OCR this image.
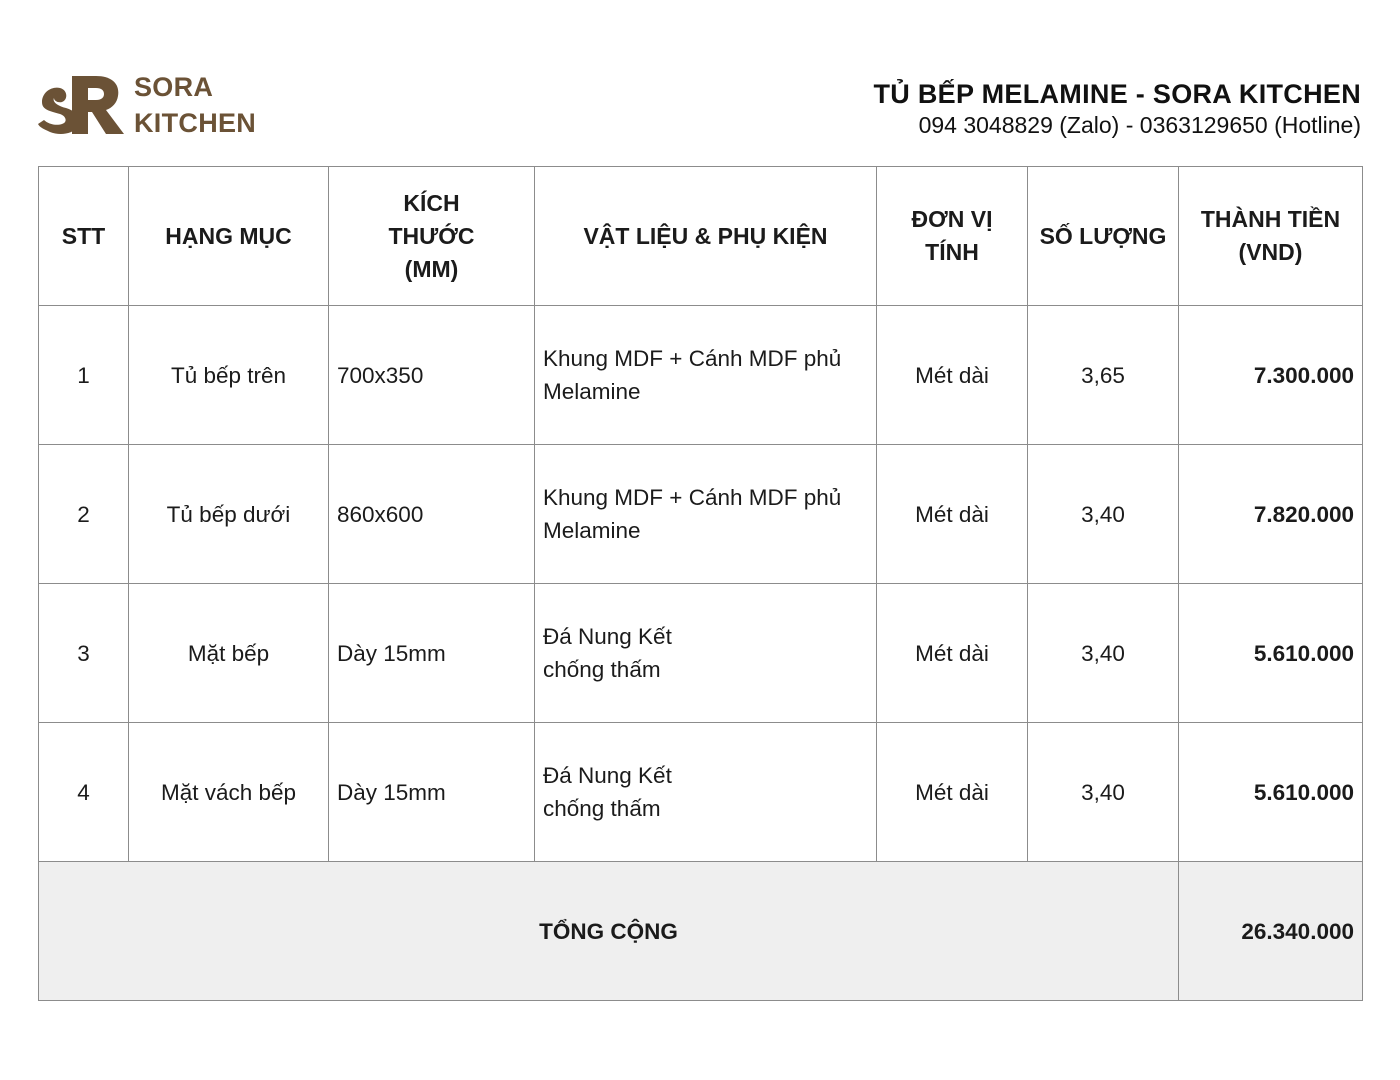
SORA
KITCHEN
TỦ BẾP MELAMINE - SORA KITCHEN
094 3048829 (Zalo) - 0363129650 (Hotline)
STT	HẠNG MỤC	KÍCH THƯỚC (MM)	VẬT LIỆU & PHỤ KIỆN	ĐƠN VỊ TÍNH	SỐ LƯỢNG	THÀNH TIỀN (VND)
1	Tủ bếp trên	700x350	Khung MDF + Cánh MDF phủ Melamine	Mét dài	3,65	7.300.000
2	Tủ bếp dưới	860x600	Khung MDF + Cánh MDF phủ Melamine	Mét dài	3,40	7.820.000
3	Mặt bếp	Dày 15mm	Đá Nung Kết chống thấm	Mét dài	3,40	5.610.000
4	Mặt vách bếp	Dày 15mm	Đá Nung Kết chống thấm	Mét dài	3,40	5.610.000
TỔNG CỘNG						26.340.000
